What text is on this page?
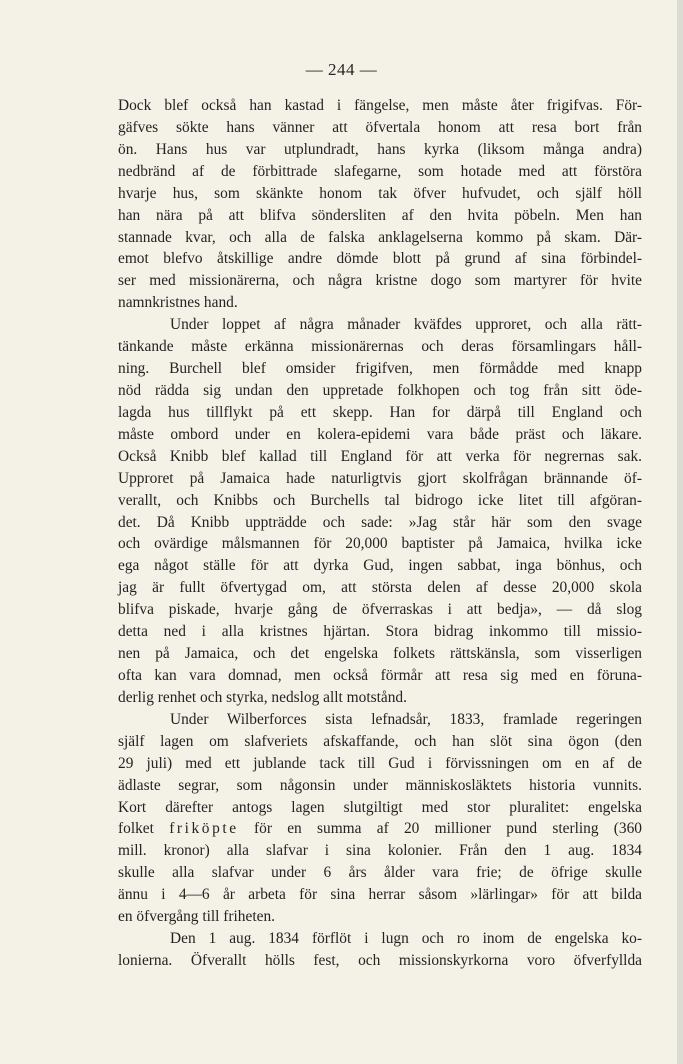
— 244 —
Dock blef också han kastad i fängelse, men måste åter frigifvas. För-
gäfves sökte hans vänner att öfvertala honom att resa bort från
ön. Hans hus var utplundradt, hans kyrka (liksom många andra)
nedbränd af de förbittrade slafegarne, som hotade med att förstöra
hvarje hus, som skänkte honom tak öfver hufvudet, och själf höll
han nära på att blifva söndersliten af den hvita pöbeln. Men han
stannade kvar, och alla de falska anklagelserna kommo på skam. Där-
emot blefvo åtskillige andre dömde blott på grund af sina förbindel-
ser med missionärerna, och några kristne dogo som martyrer för hvite
namnkristnes hand.
Under loppet af några månader kväfdes upproret, och alla rätt-
tänkande måste erkänna missionärernas och deras församlingars håll-
ning. Burchell blef omsider frigifven, men förmådde med knapp
nöd rädda sig undan den uppretade folkhopen och tog från sitt öde-
lagda hus tillflykt på ett skepp. Han for därpå till England och
måste ombord under en kolera-epidemi vara både präst och läkare.
Också Knibb blef kallad till England för att verka för negrernas sak.
Upproret på Jamaica hade naturligtvis gjort skolfrågan brännande öf-
verallt, och Knibbs och Burchells tal bidrogo icke litet till afgöran-
det. Då Knibb uppträdde och sade: »Jag står här som den svage
och ovärdige målsmannen för 20,000 baptister på Jamaica, hvilka icke
ega något ställe för att dyrka Gud, ingen sabbat, inga bönhus, och
jag är fullt öfvertygad om, att största delen af desse 20,000 skola
blifva piskade, hvarje gång de öfverraskas i att bedja», — då slog
detta ned i alla kristnes hjärtan. Stora bidrag inkommo till missio-
nen på Jamaica, och det engelska folkets rättskänsla, som visserligen
ofta kan vara domnad, men också förmår att resa sig med en föruna-
derlig renhet och styrka, nedslog allt motstånd.
Under Wilberforces sista lefnadsår, 1833, framlade regeringen
själf lagen om slafveriets afskaffande, och han slöt sina ögon (den
29 juli) med ett jublande tack till Gud i förvissningen om en af de
ädlaste segrar, som någonsin under människosläktets historia vunnits.
Kort därefter antogs lagen slutgiltigt med stor pluralitet: engelska
folket friköpte för en summa af 20 millioner pund sterling (360
mill. kronor) alla slafvar i sina kolonier. Från den 1 aug. 1834
skulle alla slafvar under 6 års ålder vara frie; de öfrige skulle
ännu i 4—6 år arbeta för sina herrar såsom »lärlingar» för att bilda
en öfvergång till friheten.
Den 1 aug. 1834 förflöt i lugn och ro inom de engelska ko-
lonierna. Öfverallt hölls fest, och missionskyrkorna voro öfverfyllda
